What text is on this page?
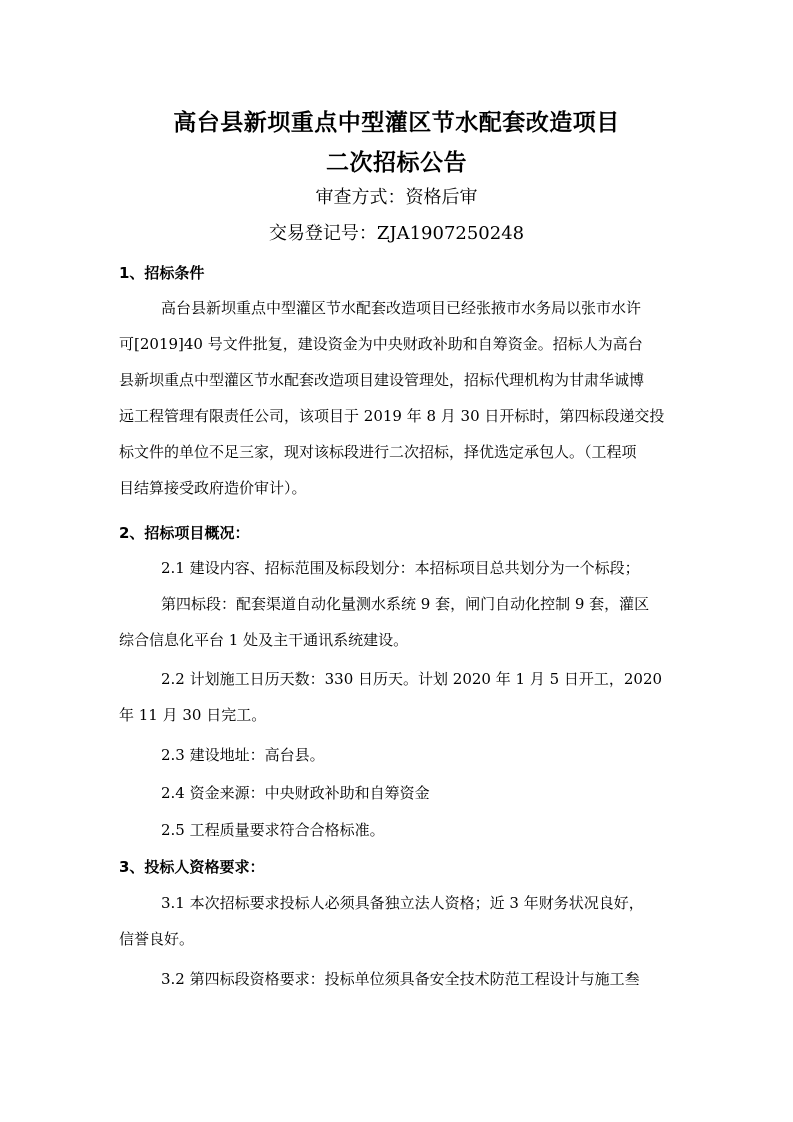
高台县新坝重点中型灌区节水配套改造项目
二次招标公告
审查方式：资格后审
交易登记号：ZJA1907250248
1、招标条件
高台县新坝重点中型灌区节水配套改造项目已经张掖市水务局以张市水许
可[2019]40 号文件批复，建设资金为中央财政补助和自筹资金。招标人为高台
县新坝重点中型灌区节水配套改造项目建设管理处，招标代理机构为甘肃华诚博
远工程管理有限责任公司，该项目于 2019 年 8 月 30 日开标时，第四标段递交投
标文件的单位不足三家，现对该标段进行二次招标，择优选定承包人。（工程项
目结算接受政府造价审计）。
2、招标项目概况：
2.1 建设内容、招标范围及标段划分：本招标项目总共划分为一个标段；
第四标段：配套渠道自动化量测水系统 9 套，闸门自动化控制 9 套，灌区
综合信息化平台 1 处及主干通讯系统建设。
2.2 计划施工日历天数：330 日历天。计划 2020 年 1 月 5 日开工，2020
年 11 月 30 日完工。
2.3 建设地址：高台县。
2.4 资金来源：中央财政补助和自筹资金
2.5 工程质量要求符合合格标准。
3、投标人资格要求：
3.1 本次招标要求投标人必须具备独立法人资格；近 3 年财务状况良好，
信誉良好。
3.2 第四标段资格要求：投标单位须具备安全技术防范工程设计与施工叁
